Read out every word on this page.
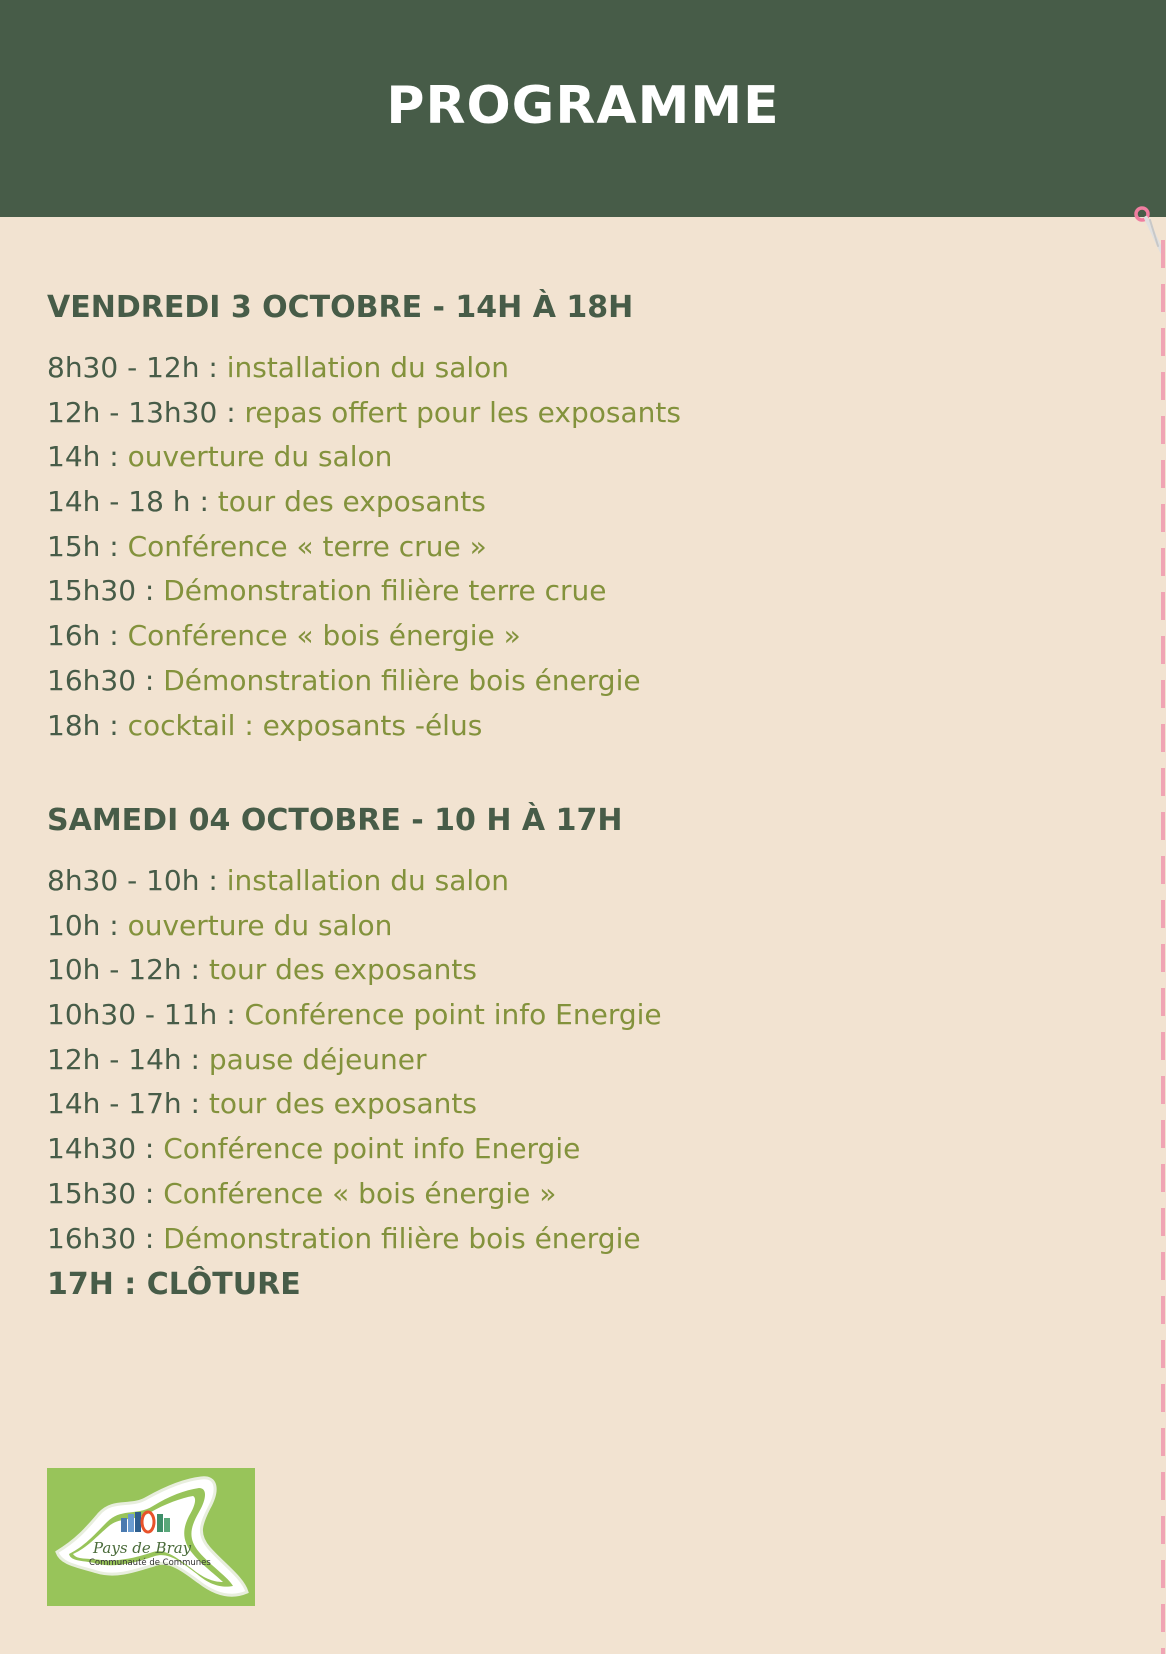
PROGRAMME
VENDREDI 3 OCTOBRE - 14H À 18H
8h30 - 12h : installation du salon
12h - 13h30 : repas offert pour les exposants
14h : ouverture du salon
14h - 18 h : tour des exposants
15h : Conférence « terre crue »
15h30 : Démonstration filière terre crue
16h : Conférence « bois énergie »
16h30 : Démonstration filière bois énergie
18h : cocktail : exposants -élus
SAMEDI 04 OCTOBRE - 10 H À 17H
8h30 - 10h : installation du salon
10h : ouverture du salon
10h - 12h : tour des exposants
10h30 - 11h : Conférence point info Energie
12h - 14h : pause déjeuner
14h - 17h : tour des exposants
14h30 : Conférence point info Energie
15h30 : Conférence « bois énergie »
16h30 : Démonstration filière bois énergie
17H : CLÔTURE
Pays de Bray
Communauté de Communes
